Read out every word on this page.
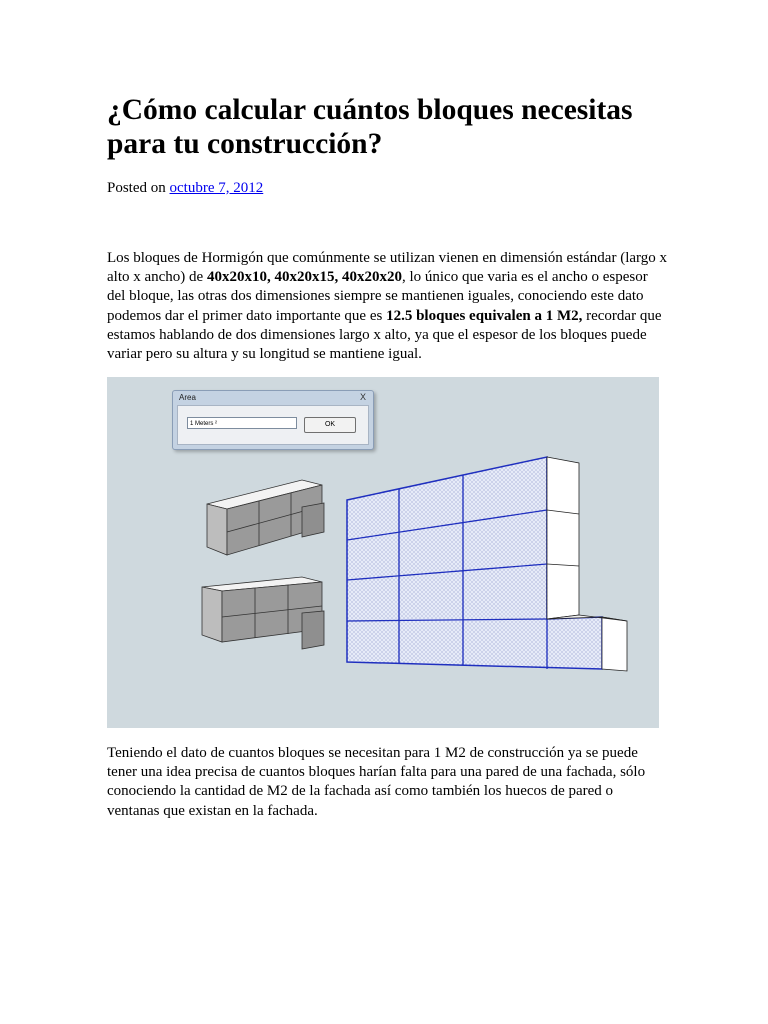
¿Cómo calcular cuántos bloques necesitas para tu construcción?
Posted on octubre 7, 2012

Los bloques de Hormigón que comúnmente se utilizan vienen en dimensión estándar (largo x alto x ancho) de 40x20x10, 40x20x15, 40x20x20, lo único que varia es el ancho o espesor del bloque, las otras dos dimensiones siempre se mantienen iguales, conociendo este dato podemos dar el primer dato importante que es 12.5 bloques equivalen a 1 M2, recordar que estamos hablando de dos dimensiones largo x alto, ya que el espesor de los bloques puede variar pero su altura y su longitud se mantiene igual.

Area	X
1 Meters ²	OK

Teniendo el dato de cuantos bloques se necesitan para 1 M2 de construcción ya se puede tener una idea precisa de cuantos bloques harían falta para una pared de una fachada, sólo conociendo la cantidad de M2 de la fachada así como también los huecos de pared o ventanas que existan en la fachada.
